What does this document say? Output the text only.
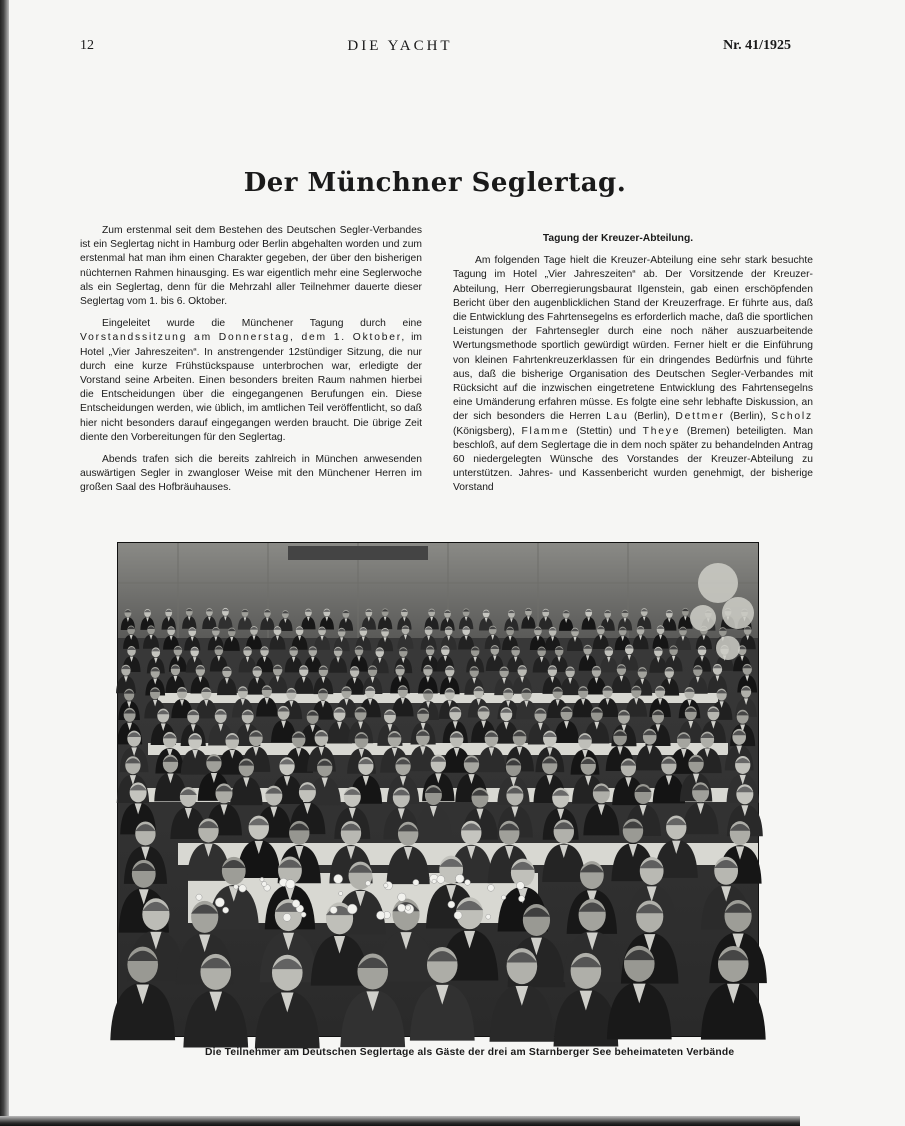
12	DIE YACHT	Nr. 41/1925
Der Münchner Seglertag.

Zum erstenmal seit dem Bestehen des Deutschen Segler-Verbandes ist ein Seglertag nicht in Hamburg oder Berlin abgehalten worden und zum erstenmal hat man ihm einen Charakter gegeben, der über den bisherigen nüchternen Rahmen hinausging. Es war eigentlich mehr eine Seglerwoche als ein Seglertag, denn für die Mehrzahl aller Teilnehmer dauerte dieser Seglertag vom 1. bis 6. Oktober.

Eingeleitet wurde die Münchener Tagung durch eine Vorstandssitzung am Donnerstag, dem 1. Oktober, im Hotel „Vier Jahreszeiten“. In anstrengender 12stündiger Sitzung, die nur durch eine kurze Frühstückspause unterbrochen war, erledigte der Vorstand seine Arbeiten. Einen besonders breiten Raum nahmen hierbei die Entscheidungen über die eingegangenen Berufungen ein. Diese Entscheidungen werden, wie üblich, im amtlichen Teil veröffentlicht, so daß hier nicht besonders darauf eingegangen werden braucht. Die übrige Zeit diente den Vorbereitungen für den Seglertag.

Abends trafen sich die bereits zahlreich in München anwesenden auswärtigen Segler in zwangloser Weise mit den Münchener Herren im großen Saal des Hofbräuhauses.

Tagung der Kreuzer-Abteilung.

Am folgenden Tage hielt die Kreuzer-Abteilung eine sehr stark besuchte Tagung im Hotel „Vier Jahreszeiten“ ab. Der Vorsitzende der Kreuzer-Abteilung, Herr Oberregierungsbaurat Ilgenstein, gab einen erschöpfenden Bericht über den augenblicklichen Stand der Kreuzerfrage. Er führte aus, daß die Entwicklung des Fahrtensegelns es erforderlich mache, daß die sportlichen Leistungen der Fahrtensegler durch eine noch näher auszuarbeitende Wertungsmethode sportlich gewürdigt würden. Ferner hielt er die Einführung von kleinen Fahrtenkreuzerklassen für ein dringendes Bedürfnis und führte aus, daß die bisherige Organisation des Deutschen Segler-Verbandes mit Rücksicht auf die inzwischen eingetretene Entwicklung des Fahrtensegelns eine Umänderung erfahren müsse. Es folgte eine sehr lebhafte Diskussion, an der sich besonders die Herren Lau (Berlin), Dettmer (Berlin), Scholz (Königsberg), Flamme (Stettin) und Theye (Bremen) beteiligten. Man beschloß, auf dem Seglertage die in dem noch später zu behandelnden Antrag 60 niedergelegten Wünsche des Vorstandes der Kreuzer-Abteilung zu unterstützen. Jahres- und Kassenbericht wurden genehmigt, der bisherige Vorstand

Die Teilnehmer am Deutschen Seglertage als Gäste der drei am Starnberger See beheimateten Verbände
